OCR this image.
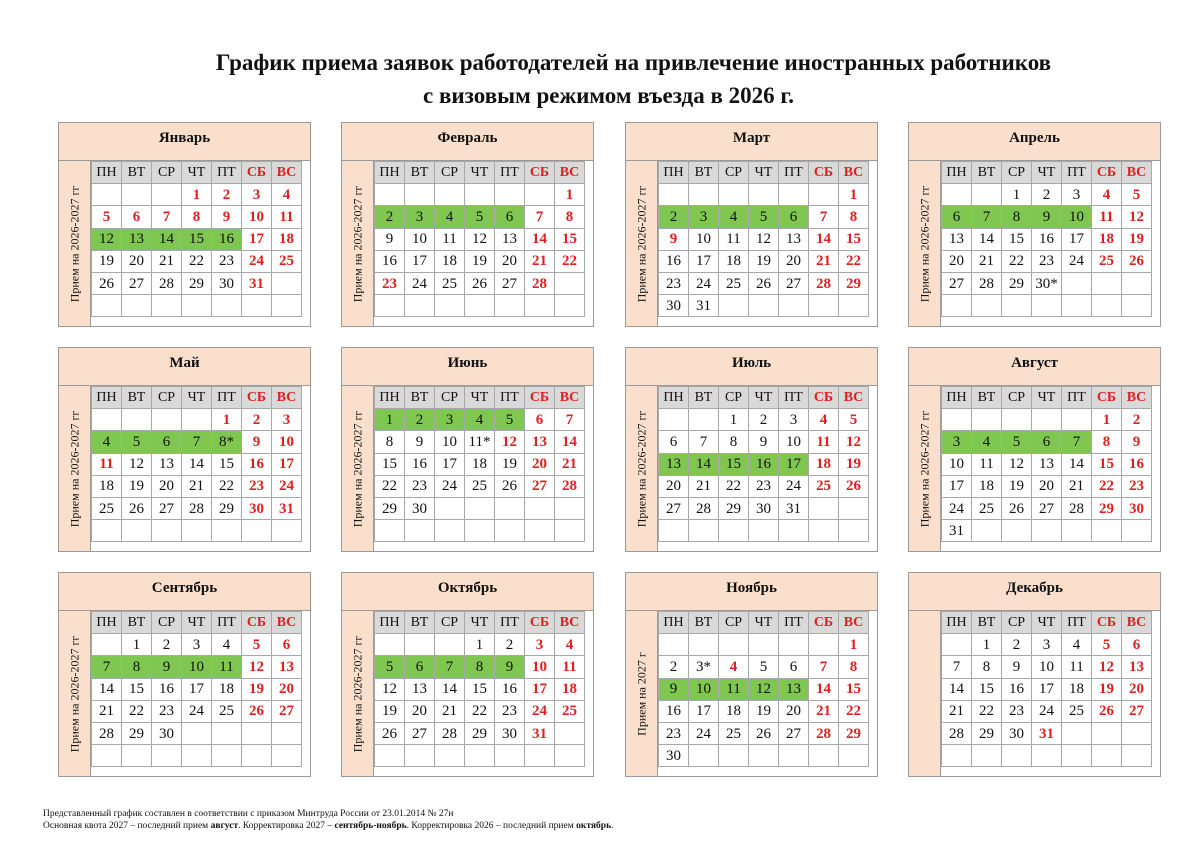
График приема заявок работодателей на привлечение иностранных работников
с визовым режимом въезда в 2026 г.
Январь
Прием на 2026-2027 гг
ПН	ВТ	СР	ЧТ	ПТ	СБ	ВС
			1	2	3	4
5	6	7	8	9	10	11
12	13	14	15	16	17	18
19	20	21	22	23	24	25
26	27	28	29	30	31	

Февраль
Прием на 2026-2027 гг
ПН	ВТ	СР	ЧТ	ПТ	СБ	ВС
						1
2	3	4	5	6	7	8
9	10	11	12	13	14	15
16	17	18	19	20	21	22
23	24	25	26	27	28	

Март
Прием на 2026-2027 гг
ПН	ВТ	СР	ЧТ	ПТ	СБ	ВС
						1
2	3	4	5	6	7	8
9	10	11	12	13	14	15
16	17	18	19	20	21	22
23	24	25	26	27	28	29
30	31					
Апрель
Прием на 2026-2027 гг
ПН	ВТ	СР	ЧТ	ПТ	СБ	ВС
		1	2	3	4	5
6	7	8	9	10	11	12
13	14	15	16	17	18	19
20	21	22	23	24	25	26
27	28	29	30*			

Май
Прием на 2026-2027 гг
ПН	ВТ	СР	ЧТ	ПТ	СБ	ВС
				1	2	3
4	5	6	7	8*	9	10
11	12	13	14	15	16	17
18	19	20	21	22	23	24
25	26	27	28	29	30	31

Июнь
Прием на 2026-2027 гг
ПН	ВТ	СР	ЧТ	ПТ	СБ	ВС
1	2	3	4	5	6	7
8	9	10	11*	12	13	14
15	16	17	18	19	20	21
22	23	24	25	26	27	28
29	30					

Июль
Прием на 2026-2027 гг
ПН	ВТ	СР	ЧТ	ПТ	СБ	ВС
		1	2	3	4	5
6	7	8	9	10	11	12
13	14	15	16	17	18	19
20	21	22	23	24	25	26
27	28	29	30	31		

Август
Прием на 2026-2027 гг
ПН	ВТ	СР	ЧТ	ПТ	СБ	ВС
					1	2
3	4	5	6	7	8	9
10	11	12	13	14	15	16
17	18	19	20	21	22	23
24	25	26	27	28	29	30
31						
Сентябрь
Прием на 2026-2027 гг
ПН	ВТ	СР	ЧТ	ПТ	СБ	ВС
	1	2	3	4	5	6
7	8	9	10	11	12	13
14	15	16	17	18	19	20
21	22	23	24	25	26	27
28	29	30				

Октябрь
Прием на 2026-2027 гг
ПН	ВТ	СР	ЧТ	ПТ	СБ	ВС
			1	2	3	4
5	6	7	8	9	10	11
12	13	14	15	16	17	18
19	20	21	22	23	24	25
26	27	28	29	30	31	

Ноябрь
Прием на 2027 г
ПН	ВТ	СР	ЧТ	ПТ	СБ	ВС
						1
2	3*	4	5	6	7	8
9	10	11	12	13	14	15
16	17	18	19	20	21	22
23	24	25	26	27	28	29
30						
Декабрь
ПН	ВТ	СР	ЧТ	ПТ	СБ	ВС
	1	2	3	4	5	6
7	8	9	10	11	12	13
14	15	16	17	18	19	20
21	22	23	24	25	26	27
28	29	30	31			

Представленный график составлен в соответствии с приказом Минтруда России от 23.01.2014 № 27н
Основная квота 2027 – последний прием август. Корректировка 2027 – сентябрь-ноябрь. Корректировка 2026 – последний прием октябрь.
